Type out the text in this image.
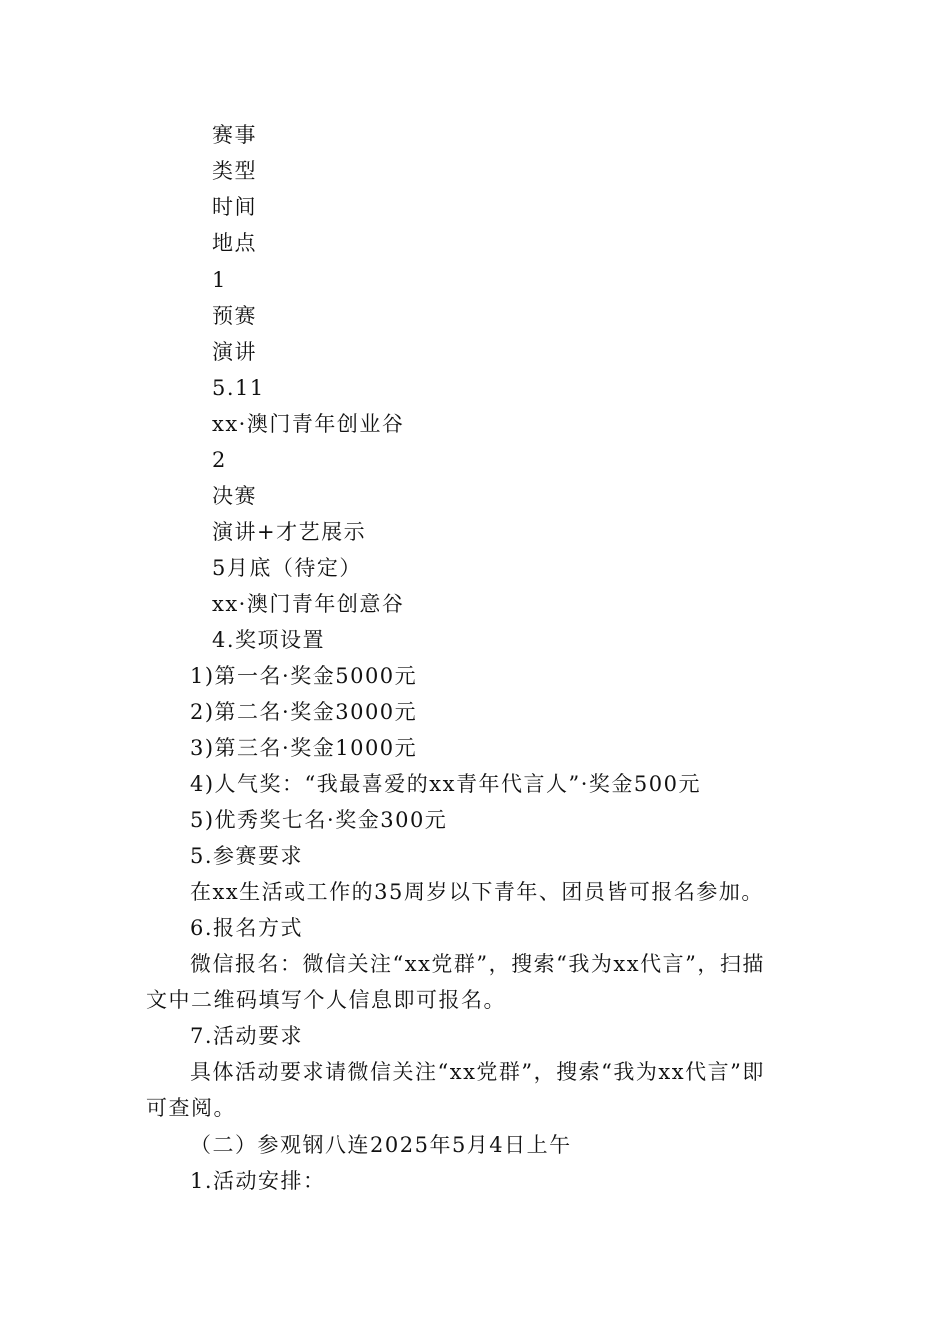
赛事
类型
时间
地点
1
预赛
演讲
5.11
xx·澳门青年创业谷
2
决赛
演讲+才艺展示
5月底（待定）
xx·澳门青年创意谷
4.奖项设置
1)第一名·奖金5000元
2)第二名·奖金3000元
3)第三名·奖金1000元
4)人气奖：“我最喜爱的xx青年代言人”·奖金500元
5)优秀奖七名·奖金300元
5.参赛要求
在xx生活或工作的35周岁以下青年、团员皆可报名参加。
6.报名方式
微信报名：微信关注“xx党群”，搜索“我为xx代言”，扫描
文中二维码填写个人信息即可报名。
7.活动要求
具体活动要求请微信关注“xx党群”，搜索“我为xx代言”即
可查阅。
（二）参观钢八连2025年5月4日上午
1.活动安排：
